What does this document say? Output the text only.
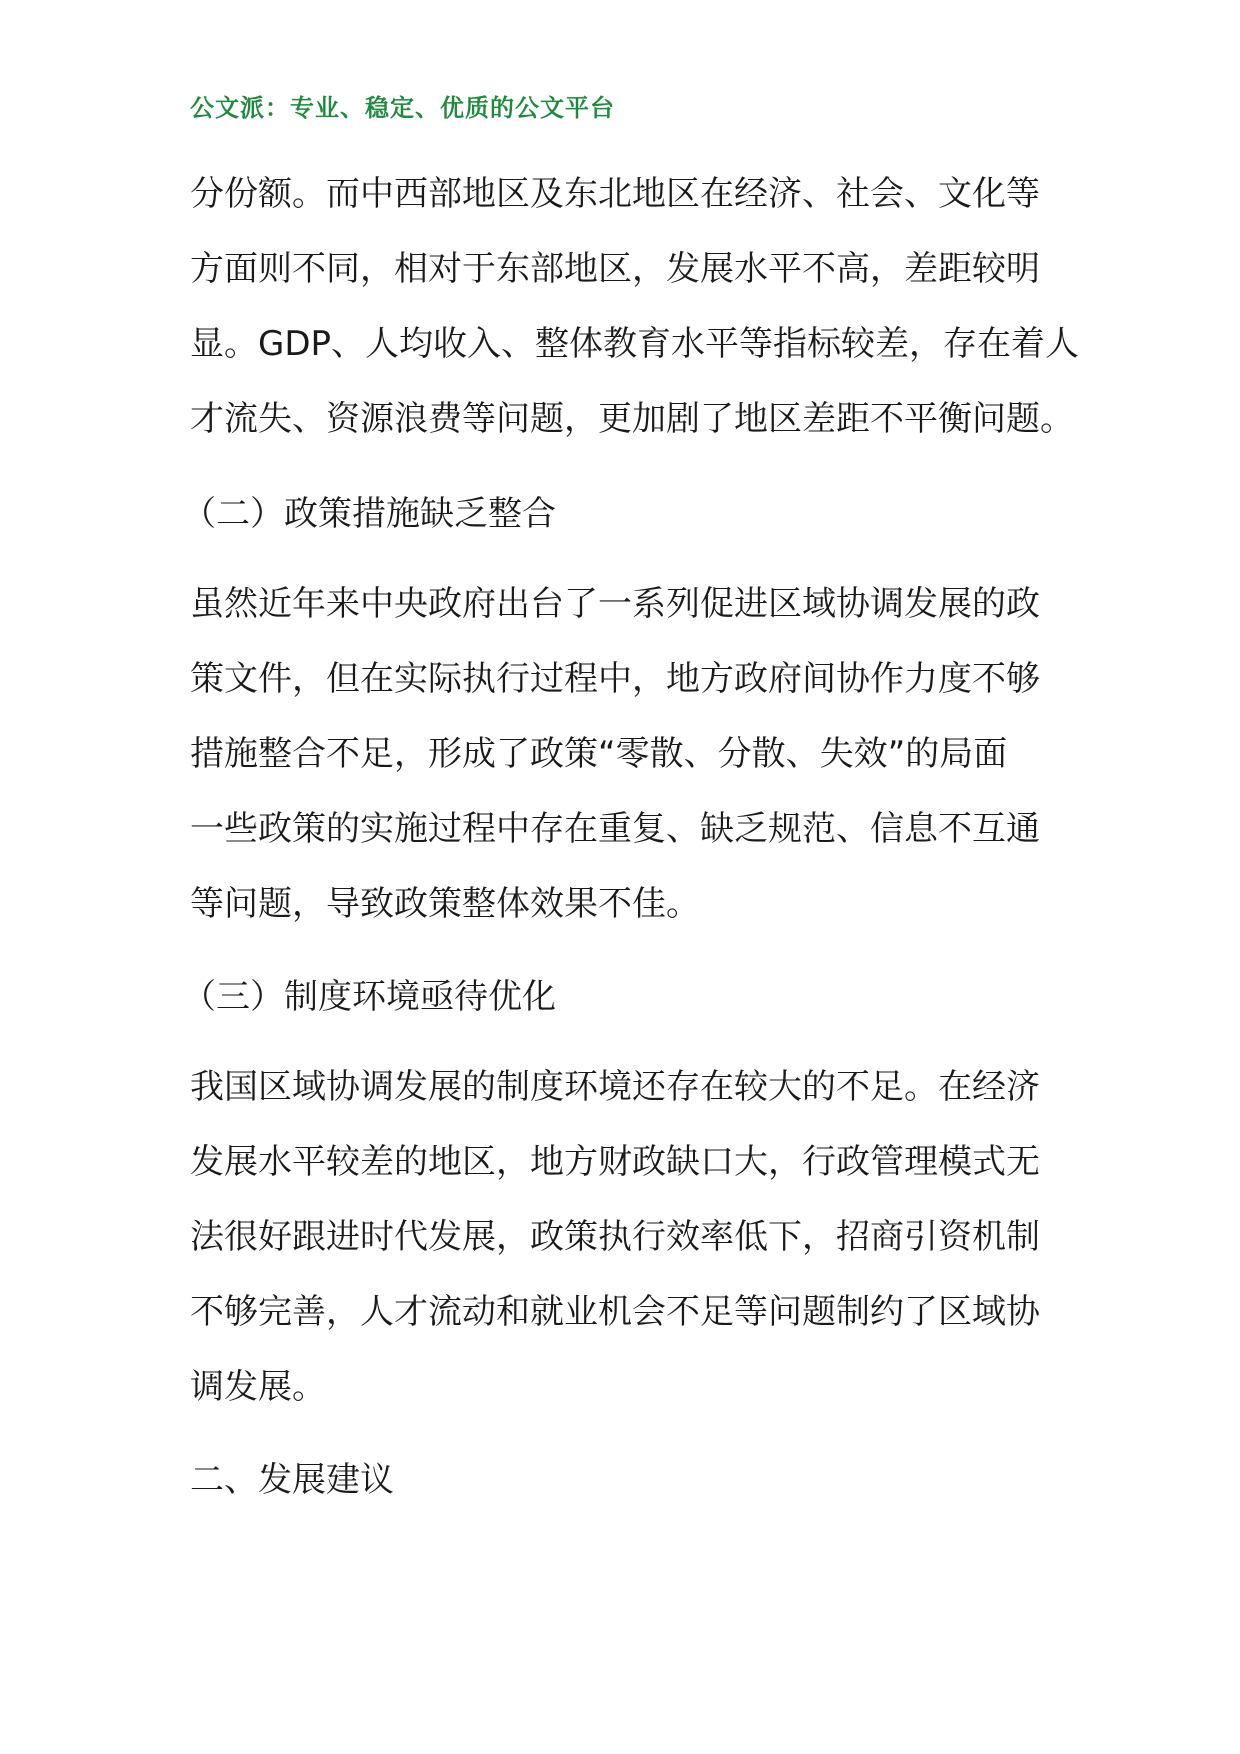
公文派：专业、稳定、优质的公文平台

分份额。而中西部地区及东北地区在经济、社会、文化等
方面则不同，相对于东部地区，发展水平不高，差距较明
显。GDP、人均收入、整体教育水平等指标较差，存在着人
才流失、资源浪费等问题，更加剧了地区差距不平衡问题。

（二）政策措施缺乏整合

虽然近年来中央政府出台了一系列促进区域协调发展的政
策文件，但在实际执行过程中，地方政府间协作力度不够
措施整合不足，形成了政策“零散、分散、失效”的局面
一些政策的实施过程中存在重复、缺乏规范、信息不互通
等问题，导致政策整体效果不佳。

（三）制度环境亟待优化

我国区域协调发展的制度环境还存在较大的不足。在经济
发展水平较差的地区，地方财政缺口大，行政管理模式无
法很好跟进时代发展，政策执行效率低下，招商引资机制
不够完善，人才流动和就业机会不足等问题制约了区域协
调发展。

二、发展建议
